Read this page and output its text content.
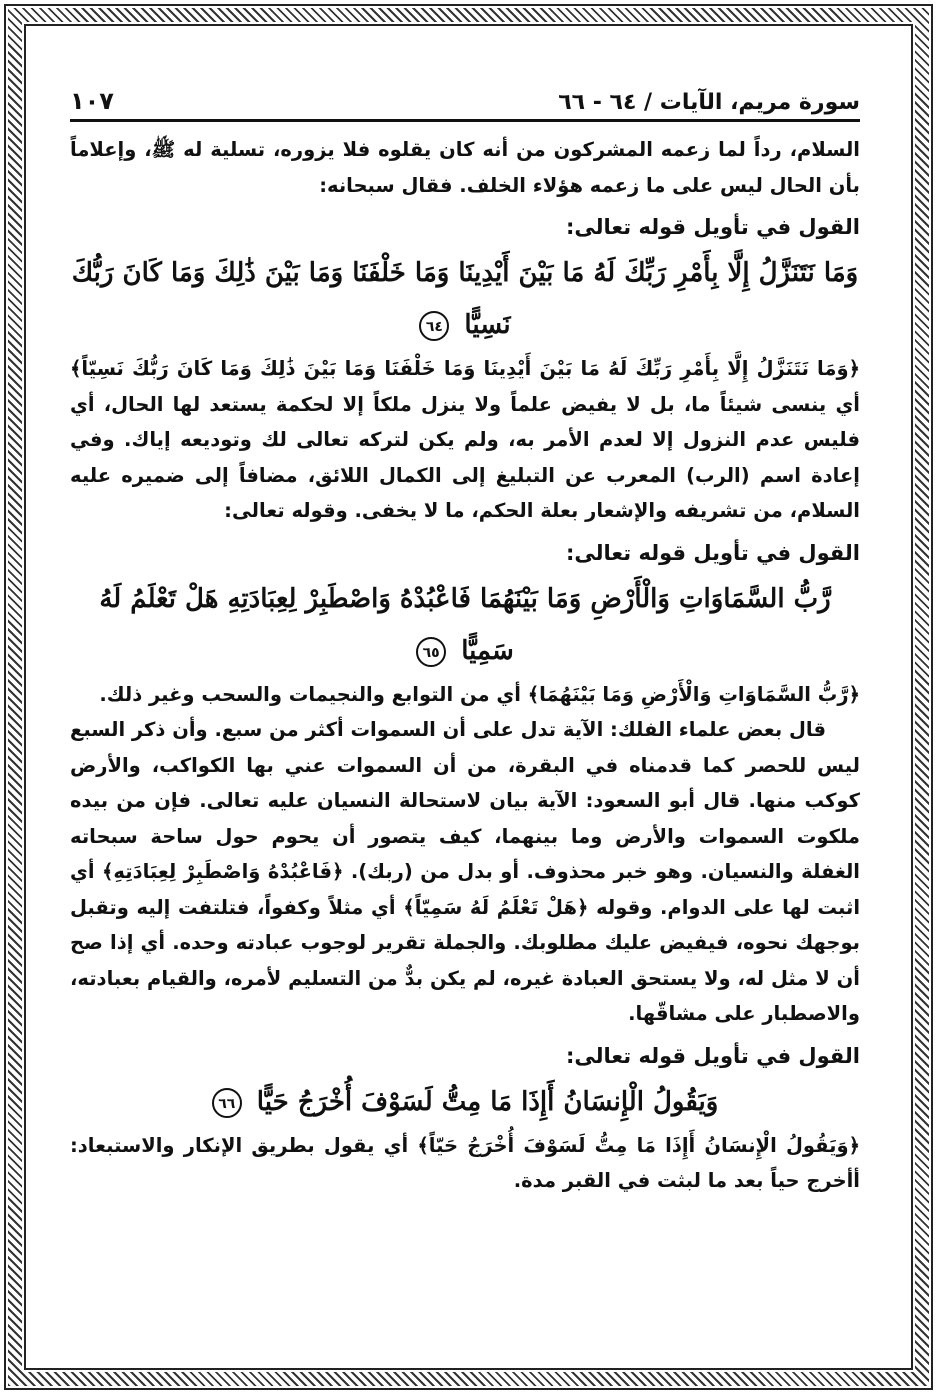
سورة مريم، الآيات / ٦٤ - ٦٦
١٠٧

السلام، رداً لما زعمه المشركون من أنه كان يقلوه فلا يزوره، تسلية له ﷺ، وإعلاماً بأن الحال ليس على ما زعمه هؤلاء الخلف. فقال سبحانه:

القول في تأويل قوله تعالى:
وَمَا نَتَنَزَّلُ إِلَّا بِأَمْرِ رَبِّكَ لَهُ مَا بَيْنَ أَيْدِينَا وَمَا خَلْفَنَا وَمَا بَيْنَ ذَٰلِكَ وَمَا كَانَ رَبُّكَ نَسِيًّا ٦٤

﴿وَمَا نَتَنَزَّلُ إِلَّا بِأَمْرِ رَبِّكَ لَهُ مَا بَيْنَ أَيْدِينَا وَمَا خَلْفَنَا وَمَا بَيْنَ ذَٰلِكَ وَمَا كَانَ رَبُّكَ نَسِيّاً﴾ أي ينسى شيئاً ما، بل لا يفيض علماً ولا ينزل ملكاً إلا لحكمة يستعد لها الحال، أي فليس عدم النزول إلا لعدم الأمر به، ولم يكن لتركه تعالى لك وتوديعه إياك. وفي إعادة اسم (الرب) المعرب عن التبليغ إلى الكمال اللائق، مضافاً إلى ضميره عليه السلام، من تشريفه والإشعار بعلة الحكم، ما لا يخفى. وقوله تعالى:

القول في تأويل قوله تعالى:
رَّبُّ السَّمَاوَاتِ وَالْأَرْضِ وَمَا بَيْنَهُمَا فَاعْبُدْهُ وَاصْطَبِرْ لِعِبَادَتِهِ هَلْ تَعْلَمُ لَهُ سَمِيًّا ٦٥

﴿رَّبُّ السَّمَاوَاتِ وَالْأَرْضِ وَمَا بَيْنَهُمَا﴾ أي من التوابع والنجيمات والسحب وغير ذلك.

قال بعض علماء الفلك: الآية تدل على أن السموات أكثر من سبع. وأن ذكر السبع ليس للحصر كما قدمناه في البقرة، من أن السموات عني بها الكواكب، والأرض كوكب منها. قال أبو السعود: الآية بيان لاستحالة النسيان عليه تعالى. فإن من بيده ملكوت السموات والأرض وما بينهما، كيف يتصور أن يحوم حول ساحة سبحاته الغفلة والنسيان. وهو خبر محذوف. أو بدل من (ربك). ﴿فَاعْبُدْهُ وَاصْطَبِرْ لِعِبَادَتِهِ﴾ أي اثبت لها على الدوام. وقوله ﴿هَلْ تَعْلَمُ لَهُ سَمِيّاً﴾ أي مثلاً وكفواً، فتلتفت إليه وتقبل بوجهك نحوه، فيفيض عليك مطلوبك. والجملة تقرير لوجوب عبادته وحده. أي إذا صح أن لا مثل له، ولا يستحق العبادة غيره، لم يكن بدٌّ من التسليم لأمره، والقيام بعبادته، والاصطبار على مشاقّها.

القول في تأويل قوله تعالى:
وَيَقُولُ الْإِنسَانُ أَإِذَا مَا مِتُّ لَسَوْفَ أُخْرَجُ حَيًّا ٦٦

﴿وَيَقُولُ الْإِنسَانُ أَإِذَا مَا مِتُّ لَسَوْفَ أُخْرَجُ حَيّاً﴾ أي يقول بطريق الإنكار والاستبعاد: أأخرج حياً بعد ما لبثت في القبر مدة.
